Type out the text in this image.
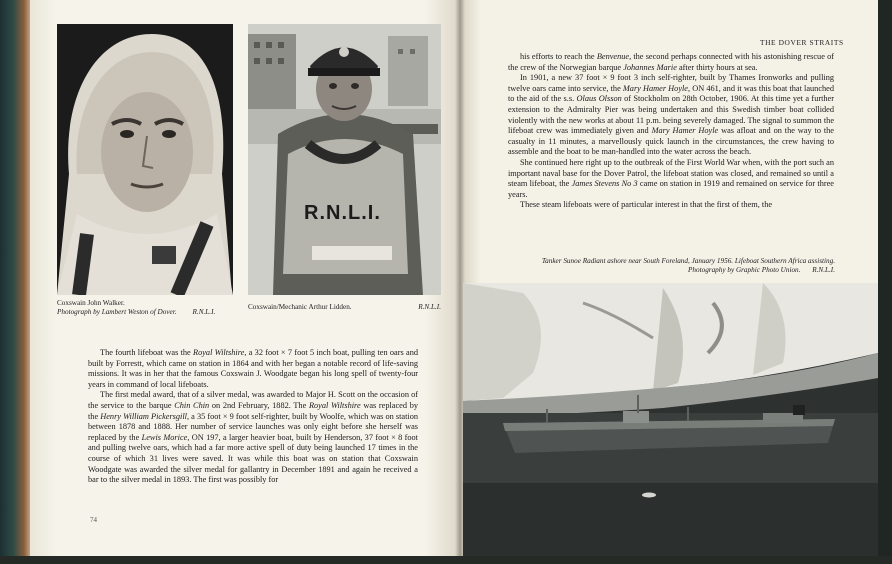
R.N.L.I.
Coxswain John Walker.
Photograph by Lambert Weston of Dover. R.N.L.I.
Coxswain/Mechanic Arthur Lidden.	R.N.L.I.

The fourth lifeboat was the Royal Wiltshire, a 32 foot × 7 foot 5 inch boat, pulling ten oars and built by Forrestt, which came on station in 1864 and with her began a notable record of life-saving missions. It was in her that the famous Coxswain J. Woodgate began his long spell of twenty-four years in command of local lifeboats.

The first medal award, that of a silver medal, was awarded to Major H. Scott on the occasion of the service to the barque Chin Chin on 2nd February, 1882. The Royal Wiltshire was replaced by the Henry William Pickersgill, a 35 foot × 9 foot self-righter, built by Woolfe, which was on station between 1878 and 1888. Her number of service launches was only eight before she herself was replaced by the Lewis Morice, ON 197, a larger heavier boat, built by Henderson, 37 foot × 8 foot and pulling twelve oars, which had a far more active spell of duty being launched 17 times in the course of which 31 lives were saved. It was while this boat was on station that Coxswain Woodgate was awarded the silver medal for gallantry in December 1891 and again he received a bar to the silver medal in 1893. The first was possibly for

74
THE DOVER STRAITS

his efforts to reach the Benvenue, the second perhaps connected with his astonishing rescue of the crew of the Norwegian barque Johannes Marie after thirty hours at sea.

In 1901, a new 37 foot × 9 foot 3 inch self-righter, built by Thames Ironworks and pulling twelve oars came into service, the Mary Hamer Hoyle, ON 461, and it was this boat that launched to the aid of the s.s. Olaus Olsson of Stockholm on 28th October, 1906. At this time yet a further extension to the Admiralty Pier was being undertaken and this Swedish timber boat collided violently with the new works at about 11 p.m. being severely damaged. The signal to summon the lifeboat crew was immediately given and Mary Hamer Hoyle was afloat and on the way to the casualty in 11 minutes, a marvellously quick launch in the circumstances, the crew having to assemble and the boat to be man-handled into the water across the beach.

She continued here right up to the outbreak of the First World War when, with the port such an important naval base for the Dover Patrol, the lifeboat station was closed, and remained so until a steam lifeboat, the James Stevens No 3 came on station in 1919 and remained on service for three years.

These steam lifeboats were of particular interest in that the first of them, the

Tanker Sunoe Radiant ashore near South Foreland, January 1956. Lifeboat Southern Africa assisting.
Photography by Graphic Photo Union. R.N.L.I.
